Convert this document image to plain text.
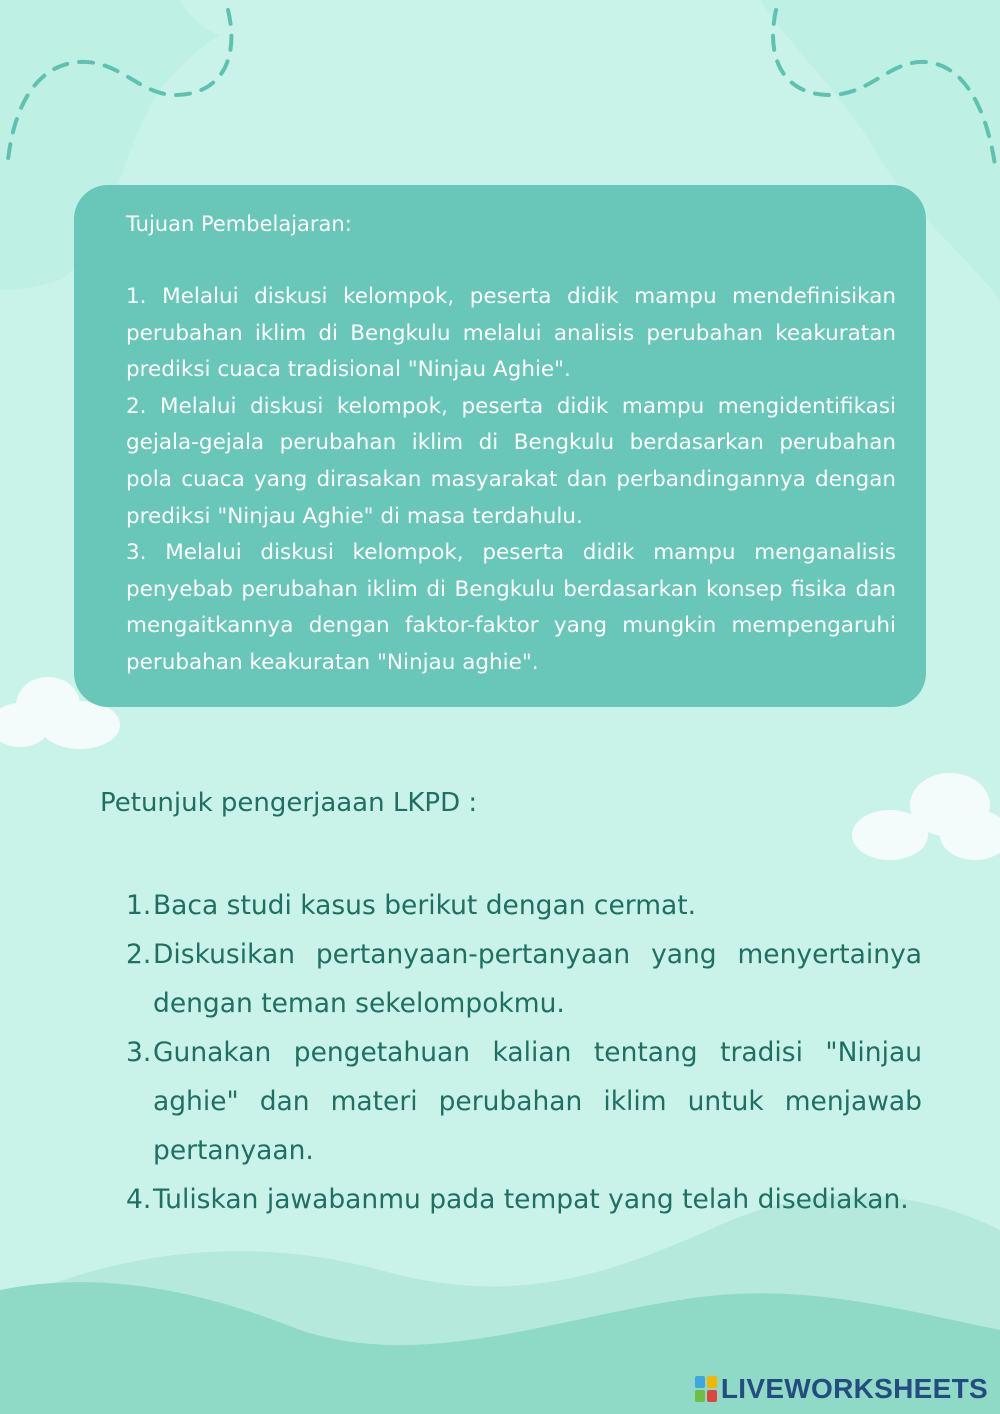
Tujuan Pembelajaran:
1. Melalui diskusi kelompok, peserta didik mampu mendefinisikan perubahan iklim di Bengkulu melalui analisis perubahan keakuratan prediksi cuaca tradisional "Ninjau Aghie".
2. Melalui diskusi kelompok, peserta didik mampu mengidentifikasi gejala-gejala perubahan iklim di Bengkulu berdasarkan perubahan pola cuaca yang dirasakan masyarakat dan perbandingannya dengan prediksi "Ninjau Aghie" di masa terdahulu.
3. Melalui diskusi kelompok, peserta didik mampu menganalisis penyebab perubahan iklim di Bengkulu berdasarkan konsep fisika dan mengaitkannya dengan faktor-faktor yang mungkin mempengaruhi perubahan keakuratan "Ninjau aghie".
Petunjuk pengerjaaan LKPD :
1. Baca studi kasus berikut dengan cermat.
2. Diskusikan pertanyaan-pertanyaan yang menyertainya dengan teman sekelompokmu.
3. Gunakan pengetahuan kalian tentang tradisi "Ninjau aghie" dan materi perubahan iklim untuk menjawab pertanyaan.
4. Tuliskan jawabanmu pada tempat yang telah disediakan.
LIVEWORKSHEETS
